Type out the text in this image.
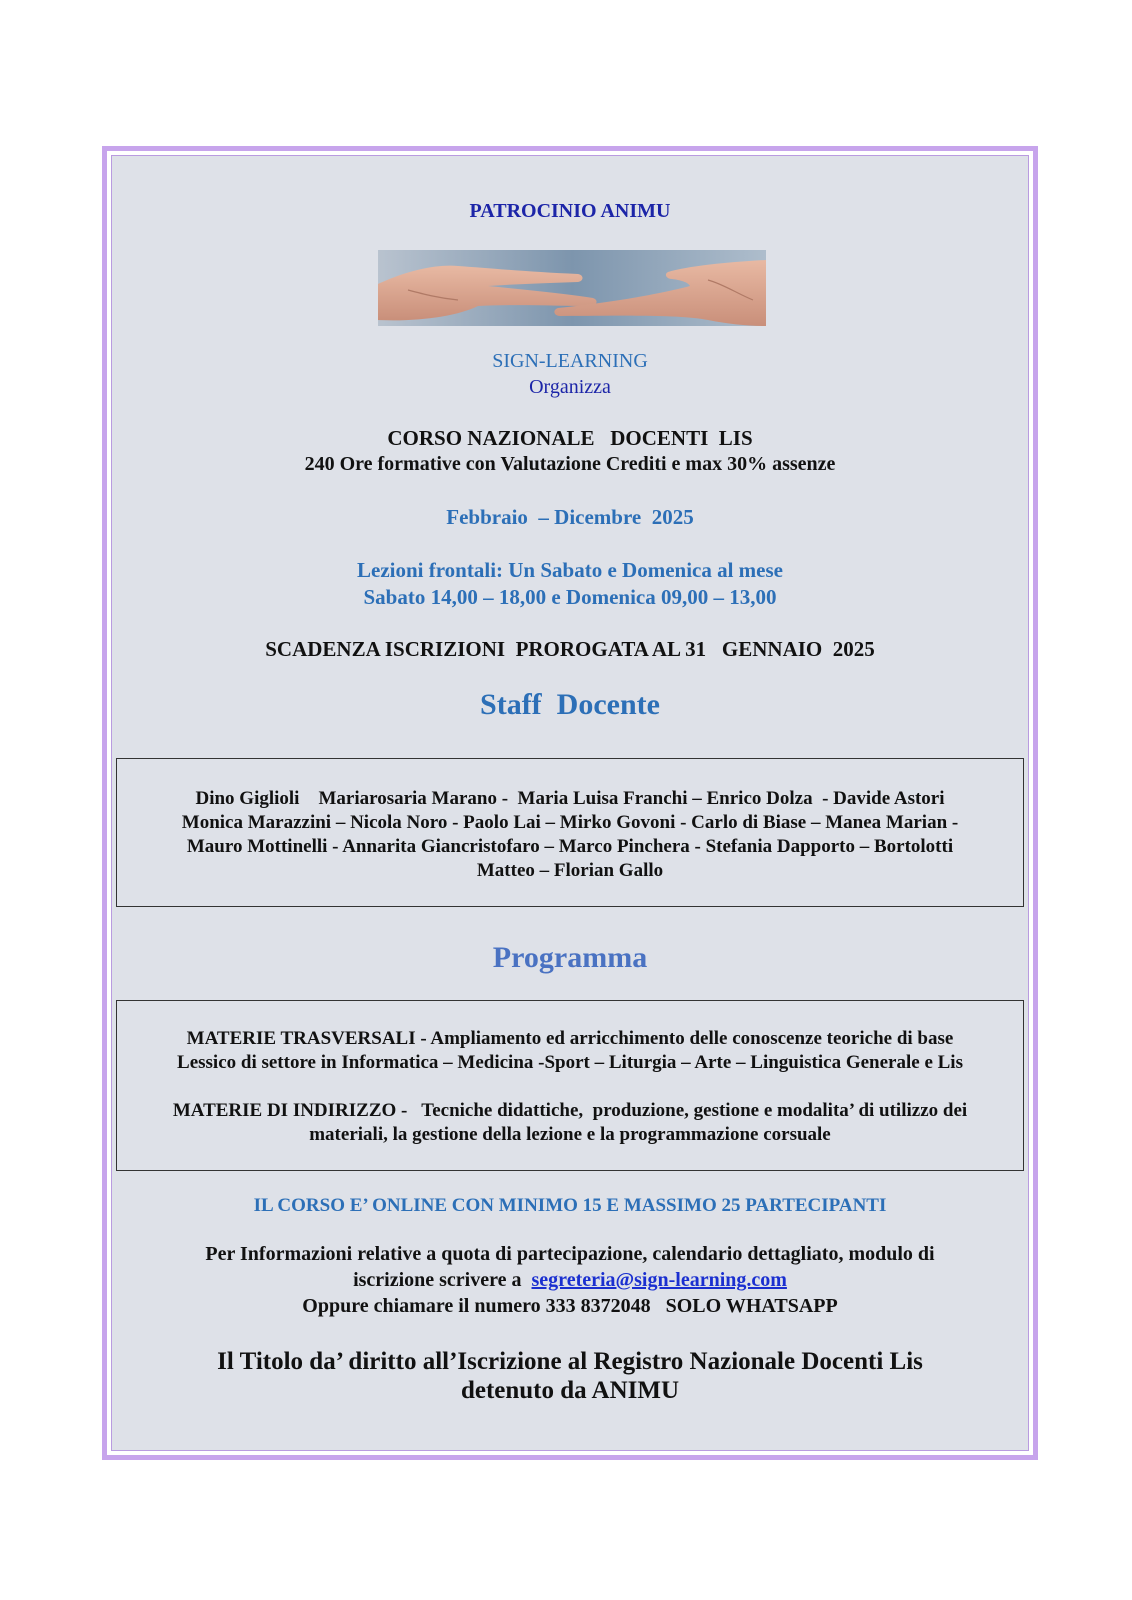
PATROCINIO ANIMU
SIGN-LEARNING
Organizza
CORSO NAZIONALE   DOCENTI  LIS
240 Ore formative con Valutazione Crediti e max 30% assenze
Febbraio  – Dicembre  2025
Lezioni frontali: Un Sabato e Domenica al mese
Sabato 14,00 – 18,00 e Domenica 09,00 – 13,00
SCADENZA ISCRIZIONI  PROROGATA AL 31   GENNAIO  2025
Staff  Docente
Dino Giglioli    Mariarosaria Marano -  Maria Luisa Franchi – Enrico Dolza  - Davide Astori
Monica Marazzini – Nicola Noro - Paolo Lai – Mirko Govoni - Carlo di Biase – Manea Marian -
Mauro Mottinelli - Annarita Giancristofaro – Marco Pinchera - Stefania Dapporto – Bortolotti
Matteo – Florian Gallo
Programma
MATERIE TRASVERSALI - Ampliamento ed arricchimento delle conoscenze teoriche di base
Lessico di settore in Informatica – Medicina -Sport – Liturgia – Arte – Linguistica Generale e Lis
MATERIE DI INDIRIZZO -   Tecniche didattiche,  produzione, gestione e modalita’ di utilizzo dei
materiali, la gestione della lezione e la programmazione corsuale
IL CORSO E’ ONLINE CON MINIMO 15 E MASSIMO 25 PARTECIPANTI
Per Informazioni relative a quota di partecipazione, calendario dettagliato, modulo di
iscrizione scrivere a  segreteria@sign-learning.com
Oppure chiamare il numero 333 8372048   SOLO WHATSAPP
Il Titolo da’ diritto all’Iscrizione al Registro Nazionale Docenti Lis
detenuto da ANIMU
